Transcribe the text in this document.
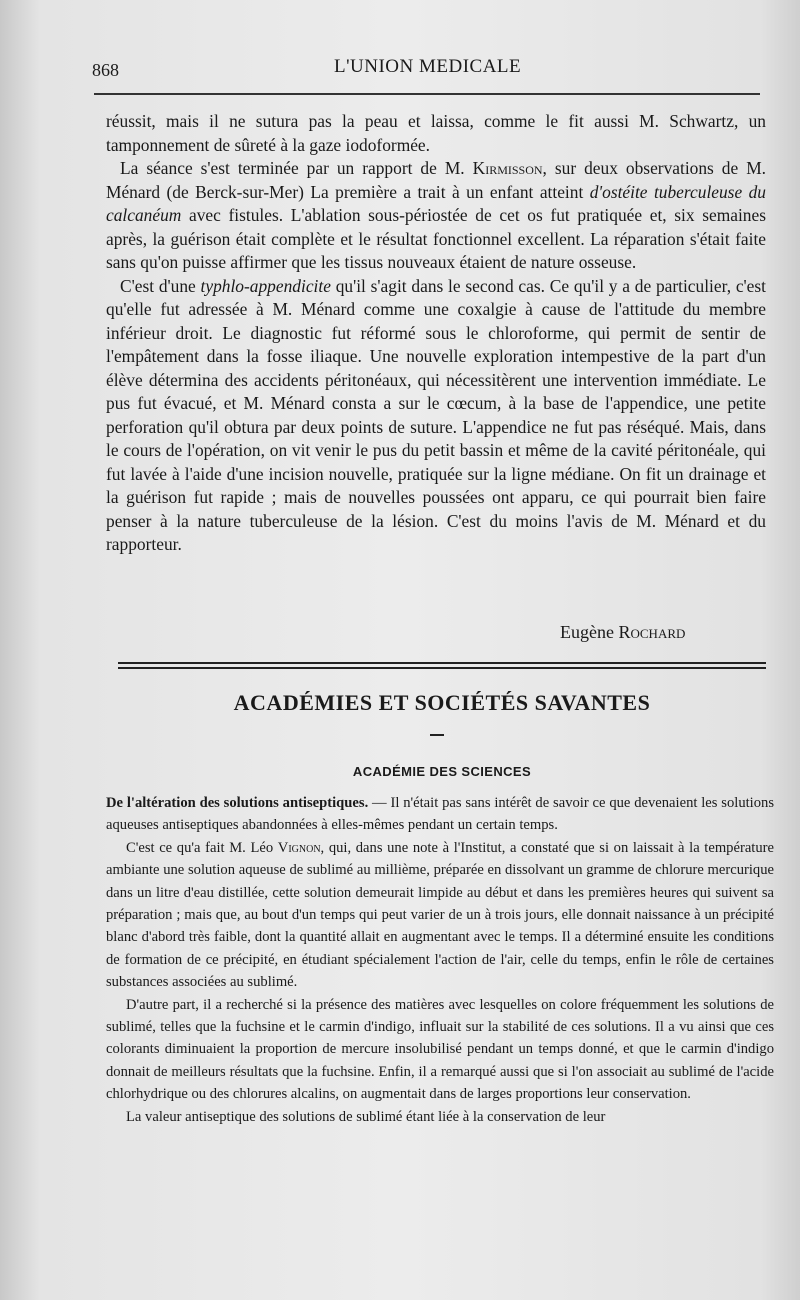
868	L'UNION MEDICALE

réussit, mais il ne sutura pas la peau et laissa, comme le fit aussi M. Schwartz, un tamponnement de sûreté à la gaze iodoformée.

La séance s'est terminée par un rapport de M. Kirmisson, sur deux observations de M. Ménard (de Berck-sur-Mer) La première a trait à un enfant atteint d'ostéite tuberculeuse du calcanéum avec fistules. L'ablation sous-périostée de cet os fut pratiquée et, six semaines après, la guérison était complète et le résultat fonctionnel excellent. La réparation s'était faite sans qu'on puisse affirmer que les tissus nouveaux étaient de nature osseuse.

C'est d'une typhlo-appendicite qu'il s'agit dans le second cas. Ce qu'il y a de particulier, c'est qu'elle fut adressée à M. Ménard comme une coxalgie à cause de l'attitude du membre inférieur droit. Le diagnostic fut réformé sous le chloroforme, qui permit de sentir de l'empâtement dans la fosse iliaque. Une nouvelle exploration intempestive de la part d'un élève détermina des accidents péritonéaux, qui nécessitèrent une intervention immédiate. Le pus fut évacué, et M. Ménard consta a sur le cœcum, à la base de l'appendice, une petite perforation qu'il obtura par deux points de suture. L'appendice ne fut pas réséqué. Mais, dans le cours de l'opération, on vit venir le pus du petit bassin et même de la cavité péritonéale, qui fut lavée à l'aide d'une incision nouvelle, pratiquée sur la ligne médiane. On fit un drainage et la guérison fut rapide ; mais de nouvelles poussées ont apparu, ce qui pourrait bien faire penser à la nature tuberculeuse de la lésion. C'est du moins l'avis de M. Ménard et du rapporteur.

Eugène Rochard
ACADÉMIES ET SOCIÉTÉS SAVANTES
ACADÉMIE DES SCIENCES

De l'altération des solutions antiseptiques. — Il n'était pas sans intérêt de savoir ce que devenaient les solutions aqueuses antiseptiques abandonnées à elles-mêmes pendant un certain temps.

C'est ce qu'a fait M. Léo Vignon, qui, dans une note à l'Institut, a constaté que si on laissait à la température ambiante une solution aqueuse de sublimé au millième, préparée en dissolvant un gramme de chlorure mercurique dans un litre d'eau distillée, cette solution demeurait limpide au début et dans les premières heures qui suivent sa préparation ; mais que, au bout d'un temps qui peut varier de un à trois jours, elle donnait naissance à un précipité blanc d'abord très faible, dont la quantité allait en augmentant avec le temps. Il a déterminé ensuite les conditions de formation de ce précipité, en étudiant spécialement l'action de l'air, celle du temps, enfin le rôle de certaines substances associées au sublimé.

D'autre part, il a recherché si la présence des matières avec lesquelles on colore fréquemment les solutions de sublimé, telles que la fuchsine et le carmin d'indigo, influait sur la stabilité de ces solutions. Il a vu ainsi que ces colorants diminuaient la proportion de mercure insolubilisé pendant un temps donné, et que le carmin d'indigo donnait de meilleurs résultats que la fuchsine. Enfin, il a remarqué aussi que si l'on associait au sublimé de l'acide chlorhydrique ou des chlorures alcalins, on augmentait dans de larges proportions leur conservation.

La valeur antiseptique des solutions de sublimé étant liée à la conservation de leur
